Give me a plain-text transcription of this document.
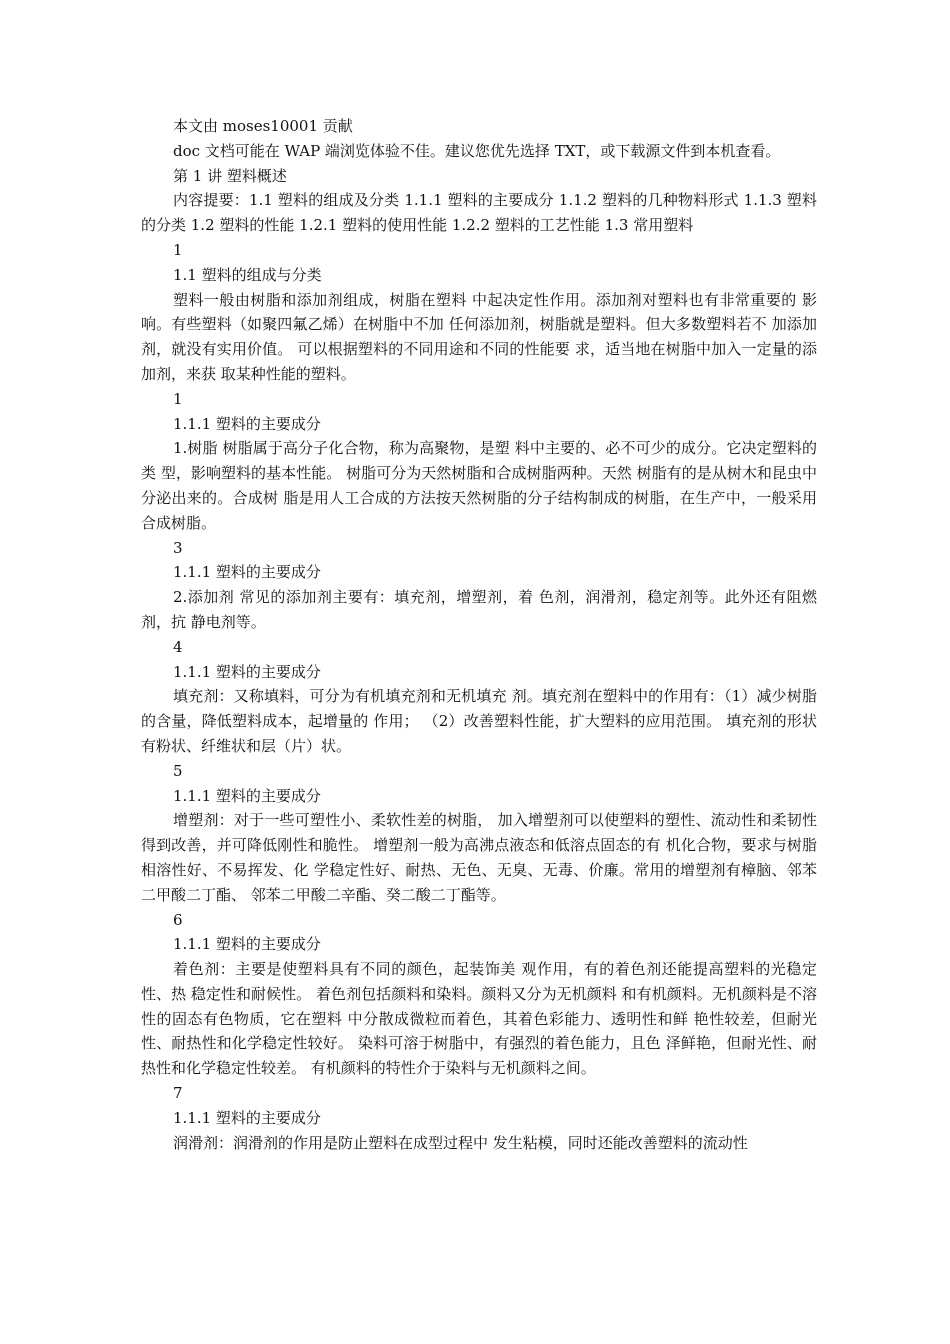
本文由 moses10001 贡献
doc 文档可能在 WAP 端浏览体验不佳。建议您优先选择 TXT，或下载源文件到本机查看。
第 1 讲 塑料概述
内容提要：1.1 塑料的组成及分类 1.1.1 塑料的主要成分 1.1.2 塑料的几种物料形式 1.1.3 塑料的分类 1.2 塑料的性能 1.2.1 塑料的使用性能 1.2.2 塑料的工艺性能 1.3 常用塑料
1
1.1 塑料的组成与分类
塑料一般由树脂和添加剂组成，树脂在塑料 中起决定性作用。添加剂对塑料也有非常重要的 影响。有些塑料（如聚四氟乙烯）在树脂中不加 任何添加剂，树脂就是塑料。但大多数塑料若不 加添加剂，就没有实用价值。 可以根据塑料的不同用途和不同的性能要 求，适当地在树脂中加入一定量的添加剂，来获 取某种性能的塑料。
1
1.1.1 塑料的主要成分
1.树脂 树脂属于高分子化合物，称为高聚物，是塑 料中主要的、必不可少的成分。它决定塑料的类 型，影响塑料的基本性能。 树脂可分为天然树脂和合成树脂两种。天然 树脂有的是从树木和昆虫中分泌出来的。合成树 脂是用人工合成的方法按天然树脂的分子结构制成的树脂，在生产中，一般采用合成树脂。
3
1.1.1 塑料的主要成分
2.添加剂 常见的添加剂主要有：填充剂，增塑剂，着 色剂，润滑剂，稳定剂等。此外还有阻燃剂，抗 静电剂等。
4
1.1.1 塑料的主要成分
填充剂：又称填料，可分为有机填充剂和无机填充 剂。填充剂在塑料中的作用有：（1）减少树脂的含量，降低塑料成本，起增量的 作用； （2）改善塑料性能，扩大塑料的应用范围。 填充剂的形状有粉状、纤维状和层（片）状。
5
1.1.1 塑料的主要成分
增塑剂：对于一些可塑性小、柔软性差的树脂， 加入增塑剂可以使塑料的塑性、流动性和柔韧性 得到改善，并可降低刚性和脆性。 增塑剂一般为高沸点液态和低溶点固态的有 机化合物，要求与树脂相溶性好、不易挥发、化 学稳定性好、耐热、无色、无臭、无毒、价廉。常用的增塑剂有樟脑、邻苯二甲酸二丁酯、 邻苯二甲酸二辛酯、癸二酸二丁酯等。
6
1.1.1 塑料的主要成分
着色剂：主要是使塑料具有不同的颜色，起装饰美 观作用，有的着色剂还能提高塑料的光稳定性、热 稳定性和耐候性。 着色剂包括颜料和染料。颜料又分为无机颜料 和有机颜料。无机颜料是不溶性的固态有色物质，它在塑料 中分散成微粒而着色，其着色彩能力、透明性和鲜 艳性较差，但耐光性、耐热性和化学稳定性较好。 染料可溶于树脂中，有强烈的着色能力，且色 泽鲜艳，但耐光性、耐热性和化学稳定性较差。 有机颜料的特性介于染料与无机颜料之间。
7
1.1.1 塑料的主要成分
润滑剂：润滑剂的作用是防止塑料在成型过程中 发生粘模，同时还能改善塑料的流动性
